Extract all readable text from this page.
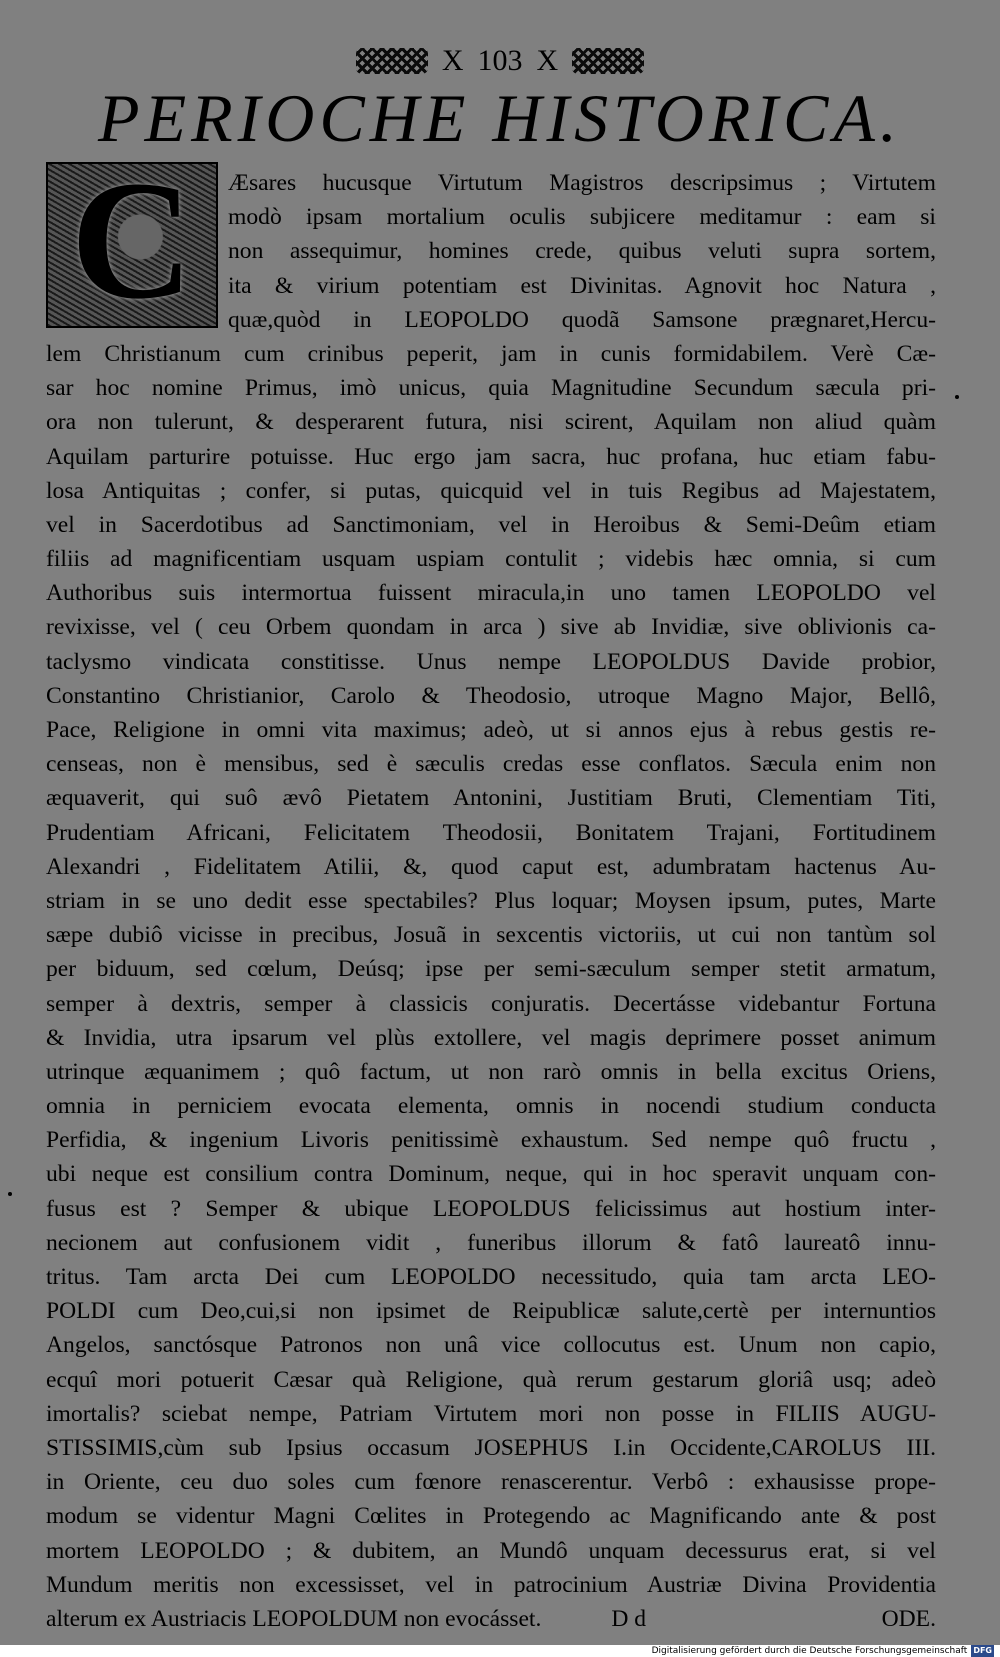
X 103 X
PERIOCHE HISTORICA.
C	Æsares hucusque Virtutum Magistros descripsimus ; Virtutem
modò ipsam mortalium oculis subjicere meditamur : eam si
non assequimur, homines crede, quibus veluti supra sortem,
ita & virium potentiam est Divinitas. Agnovit hoc Natura ,
quæ,quòd in LEOPOLDO quodã Samsone prægnaret,Hercu-
lem Christianum cum crinibus peperit, jam in cunis formidabilem. Verè Cæ-
sar hoc nomine Primus, imò unicus, quia Magnitudine Secundum sæcula pri-
ora non tulerunt, & desperarent futura, nisi scirent, Aquilam non aliud quàm
Aquilam parturire potuisse. Huc ergo jam sacra, huc profana, huc etiam fabu-
losa Antiquitas ; confer, si putas, quicquid vel in tuis Regibus ad Majestatem,
vel in Sacerdotibus ad Sanctimoniam, vel in Heroibus & Semi-Deûm etiam
filiis ad magnificentiam usquam uspiam contulit ; videbis hæc omnia, si cum
Authoribus suis intermortua fuissent miracula,in uno tamen LEOPOLDO vel
revixisse, vel ( ceu Orbem quondam in arca ) sive ab Invidiæ, sive oblivionis ca-
taclysmo vindicata constitisse. Unus nempe LEOPOLDUS Davide probior,
Constantino Christianior, Carolo & Theodosio, utroque Magno Major, Bellô,
Pace, Religione in omni vita maximus; adeò, ut si annos ejus à rebus gestis re-
censeas, non è mensibus, sed è sæculis credas esse conflatos. Sæcula enim non
æquaverit, qui suô ævô Pietatem Antonini, Justitiam Bruti, Clementiam Titi,
Prudentiam Africani, Felicitatem Theodosii, Bonitatem Trajani, Fortitudinem
Alexandri , Fidelitatem Atilii, &, quod caput est, adumbratam hactenus Au-
striam in se uno dedit esse spectabiles? Plus loquar; Moysen ipsum, putes, Marte
sæpe dubiô vicisse in precibus, Josuã in sexcentis victoriis, ut cui non tantùm sol
per biduum, sed cœlum, Deúsq; ipse per semi-sæculum semper stetit armatum,
semper à dextris, semper à classicis conjuratis. Decertásse videbantur Fortuna
& Invidia, utra ipsarum vel plùs extollere, vel magis deprimere posset animum
utrinque æquanimem ; quô factum, ut non rarò omnis in bella excitus Oriens,
omnia in perniciem evocata elementa, omnis in nocendi studium conducta
Perfidia, & ingenium Livoris penitissimè exhaustum. Sed nempe quô fructu ,
ubi neque est consilium contra Dominum, neque, qui in hoc speravit unquam con-
fusus est ? Semper & ubique LEOPOLDUS felicissimus aut hostium inter-
necionem aut confusionem vidit , funeribus illorum & fatô laureatô innu-
tritus. Tam arcta Dei cum LEOPOLDO necessitudo, quia tam arcta LEO-
POLDI cum Deo,cui,si non ipsimet de Reipublicæ salute,certè per internuntios
Angelos, sanctósque Patronos non unâ vice collocutus est. Unum non capio,
ecquî mori potuerit Cæsar quà Religione, quà rerum gestarum gloriâ usq; adeò
imortalis? sciebat nempe, Patriam Virtutem mori non posse in FILIIS AUGU-
STISSIMIS,cùm sub Ipsius occasum JOSEPHUS I.in Occidente,CAROLUS III.
in Oriente, ceu duo soles cum fœnore renascerentur. Verbô : exhausisse prope-
modum se videntur Magni Cœlites in Protegendo ac Magnificando ante & post
mortem LEOPOLDO ; & dubitem, an Mundô unquam decessurus erat, si vel
Mundum meritis non excessisset, vel in patrocinium Austriæ Divina Providentia
alterum ex Austriacis LEOPOLDUM non evocásset.	D d	ODE.
Digitalisierung gefördert durch die Deutsche Forschungsgemeinschaft DFG
